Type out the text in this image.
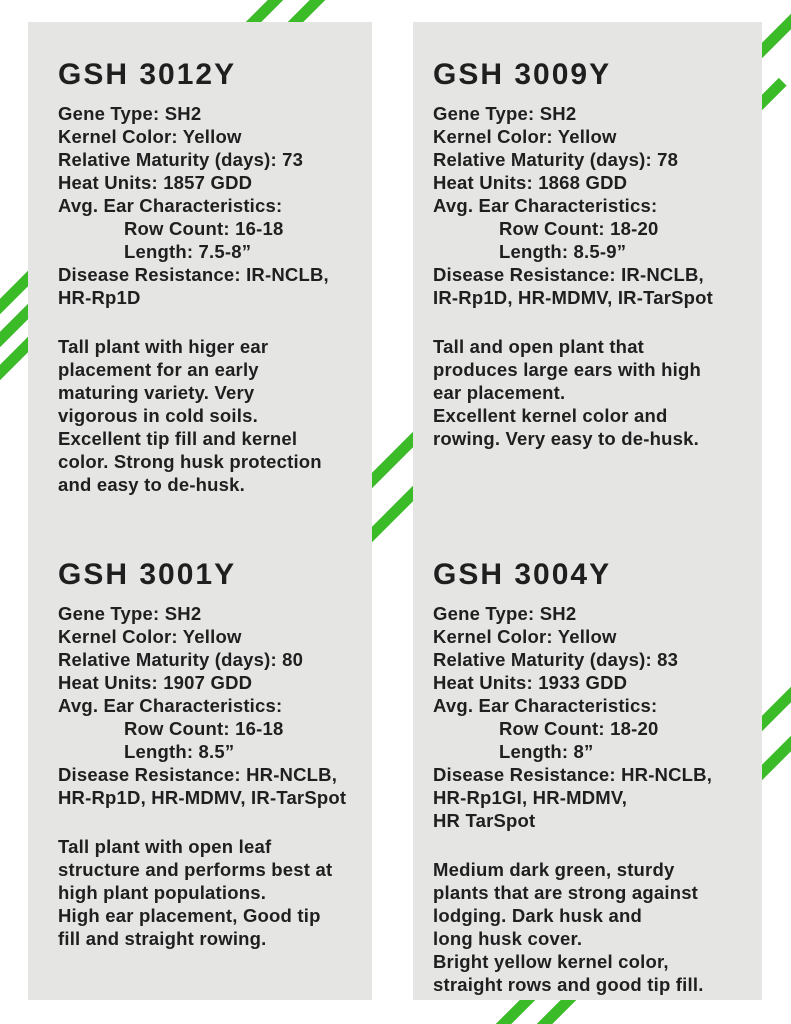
GSH 3012Y
Gene Type: SH2
Kernel Color: Yellow
Relative Maturity (days): 73
Heat Units: 1857 GDD
Avg. Ear Characteristics:
Row Count: 16-18
Length: 7.5-8”
Disease Resistance: IR-NCLB,
HR-Rp1D
Tall plant with higer ear
placement for an early
maturing variety. Very
vigorous in cold soils.
Excellent tip fill and kernel
color. Strong husk protection
and easy to de-husk.
GSH 3001Y
Gene Type: SH2
Kernel Color: Yellow
Relative Maturity (days): 80
Heat Units: 1907 GDD
Avg. Ear Characteristics:
Row Count: 16-18
Length: 8.5”
Disease Resistance: HR-NCLB,
HR-Rp1D, HR-MDMV, IR-TarSpot
Tall plant with open leaf
structure and performs best at
high plant populations.
High ear placement, Good tip
fill and straight rowing.
GSH 3009Y
Gene Type: SH2
Kernel Color: Yellow
Relative Maturity (days): 78
Heat Units: 1868 GDD
Avg. Ear Characteristics:
Row Count: 18-20
Length: 8.5-9”
Disease Resistance: IR-NCLB,
IR-Rp1D, HR-MDMV, IR-TarSpot
Tall and open plant that
produces large ears with high
ear placement.
Excellent kernel color and
rowing. Very easy to de-husk.
GSH 3004Y
Gene Type: SH2
Kernel Color: Yellow
Relative Maturity (days): 83
Heat Units: 1933 GDD
Avg. Ear Characteristics:
Row Count: 18-20
Length: 8”
Disease Resistance: HR-NCLB,
HR-Rp1GI, HR-MDMV,
HR TarSpot
Medium dark green, sturdy
plants that are strong against
lodging. Dark husk and
long husk cover.
Bright yellow kernel color,
straight rows and good tip fill.
